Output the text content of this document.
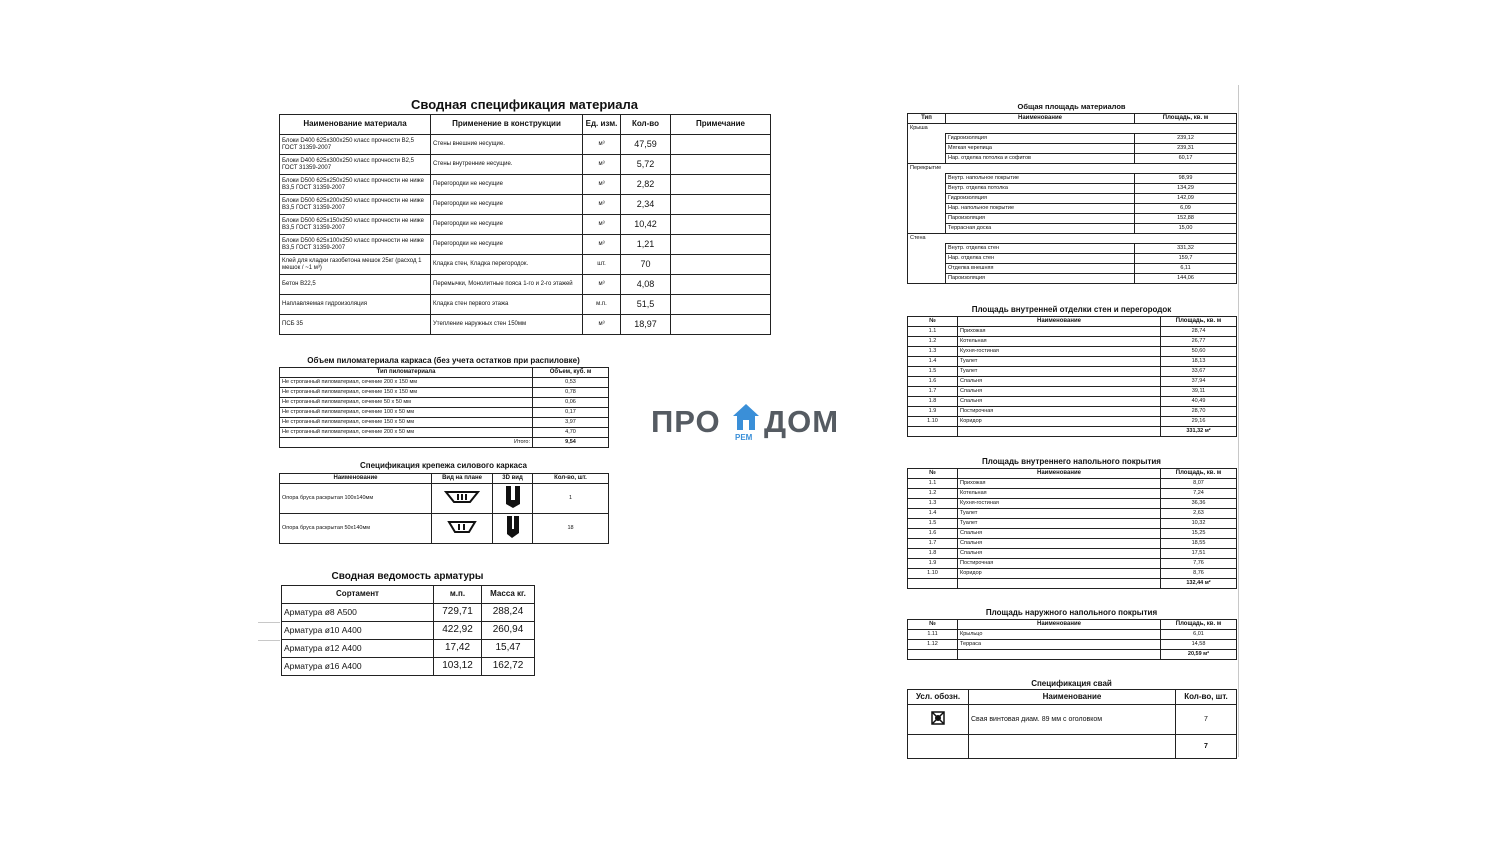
Сводная спецификация материала
Наименование материала	Применение в конструкции	Ед. изм.	Кол-во	Примечание
Блоки D400 625х300х250 класс прочности В2,5 ГОСТ 31359-2007	Стены внешние несущие.	м³	47,59	
Блоки D400 625х300х250 класс прочности В2,5 ГОСТ 31359-2007	Стены внутренние несущие.	м³	5,72	
Блоки D500 625х250х250 класс прочности не ниже В3,5 ГОСТ 31359-2007	Перегородки не несущие	м³	2,82	
Блоки D500 625х200х250 класс прочности не ниже В3,5 ГОСТ 31359-2007	Перегородки не несущие	м³	2,34	
Блоки D500 625х150х250 класс прочности не ниже В3,5 ГОСТ 31359-2007	Перегородки не несущие	м³	10,42	
Блоки D500 625х100х250 класс прочности не ниже В3,5 ГОСТ 31359-2007	Перегородки не несущие	м³	1,21	
Клей для кладки газобетона мешок 25кг (расход 1 мешок / ~1 м³)	Кладка стен, Кладка перегородок.	шт.	70	
Бетон В22,5	Перемычки, Монолитные пояса 1-го и 2-го этажей	м³	4,08	
Наплавляемая гидроизоляция	Кладка стен первого этажа	м.п.	51,5	
ПСБ 35	Утепление наружных стен 150мм	м³	18,97	
Объем пиломатериала каркаса (без учета остатков при распиловке)
Тип пиломатериала	Объем, куб. м
Не строганный пиломатериал, сечение 200 х 150 мм	0,53
Не строганный пиломатериал, сечение 150 х 150 мм	0,78
Не строганный пиломатериал, сечение 50 х 50 мм	0,06
Не строганный пиломатериал, сечение 100 х 50 мм	0,17
Не строганный пиломатериал, сечение 150 х 50 мм	3,97
Не строганный пиломатериал, сечение 200 х 50 мм	4,70
Итого:	9,54
Спецификация крепежа силового каркаса
Наименование	Вид на плане	3D вид	Кол-во, шт.
Опора бруса раскрытая 100х140мм			1
Опора бруса раскрытая 50х140мм			18
Сводная ведомость арматуры
Сортамент	м.п.	Масса кг.
Арматура ø8 А500	729,71	288,24
Арматура ø10 А400	422,92	260,94
Арматура ø12 А400	17,42	15,47
Арматура ø16 А400	103,12	162,72
ПРО РЕМ ДОМ
Общая площадь материалов
Тип	Наименование	Площадь, кв. м
Крыша		
	Гидроизоляция	239,12
	Мягкая черепица	239,31
	Нар. отделка потолка и софитов	60,17
Перекрытие		
	Внутр. напольное покрытие	98,99
	Внутр. отделка потолка	134,29
	Гидроизоляция	142,09
	Нар. напольное покрытие	6,09
	Пароизоляция	152,88
	Террасная доска	15,00
Стена		
	Внутр. отделка стен	331,32
	Нар. отделка стен	159,7
	Отделка внешняя	6,11
	Пароизоляция	144,06
Площадь внутренней отделки стен и перегородок
№	Наименование	Площадь, кв. м
1.1	Прихожая	28,74
1.2	Котельная	26,77
1.3	Кухня-гостиная	50,60
1.4	Туалет	18,13
1.5	Туалет	33,67
1.6	Спальня	37,94
1.7	Спальня	39,11
1.8	Спальня	40,49
1.9	Постирочная	28,70
1.10	Коридор	29,16
		331,32 м²
Площадь внутреннего напольного покрытия
№	Наименование	Площадь, кв. м
1.1	Прихожая	8,07
1.2	Котельная	7,24
1.3	Кухня-гостиная	36,36
1.4	Туалет	2,63
1.5	Туалет	10,32
1.6	Спальня	15,25
1.7	Спальня	18,55
1.8	Спальня	17,51
1.9	Постирочная	7,76
1.10	Коридор	8,76
		132,44 м²
Площадь наружного напольного покрытия
№	Наименование	Площадь, кв. м
1.11	Крыльцо	6,01
1.12	Терраса	14,58
		20,59 м²
Спецификация свай
Усл. обозн.	Наименование	Кол-во, шт.
	Свая винтовая диам. 89 мм с оголовком	7
		7
